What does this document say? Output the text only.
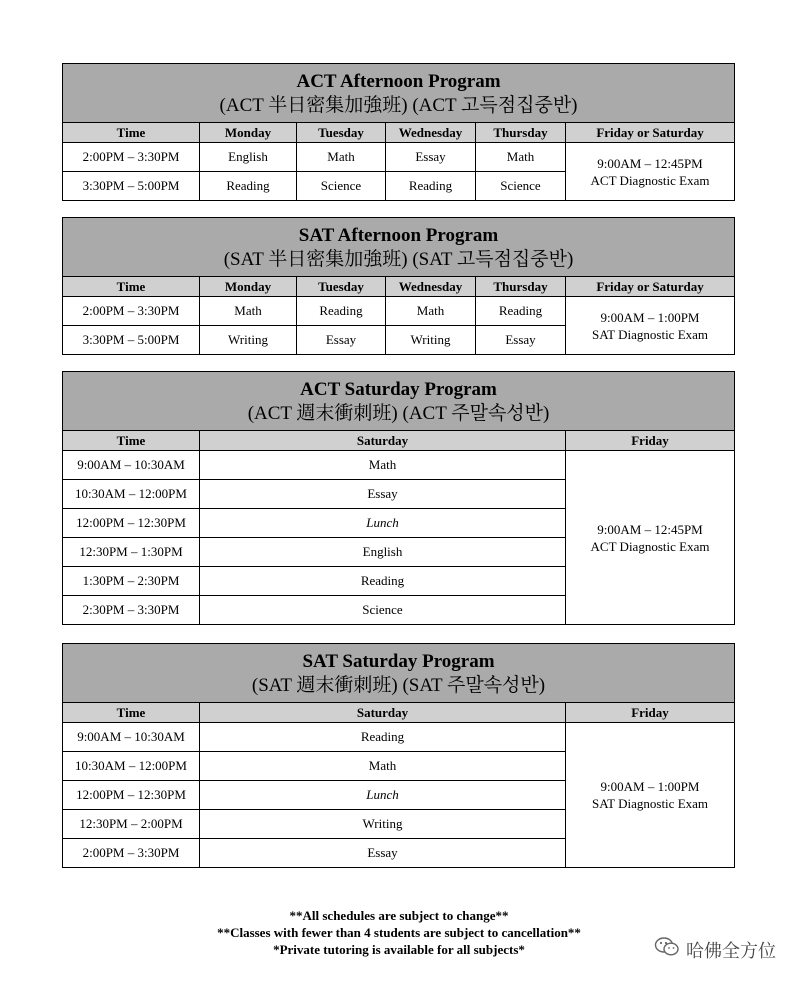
ACT Afternoon Program
(ACT 半日密集加強班) (ACT 고득점집중반)					

Time	Monday	Tuesday	Wednesday	Thursday	Friday or Saturday
2:00PM – 3:30PM	English	Math	Essay	Math	9:00AM – 12:45PM
ACT Diagnostic Exam
3:30PM – 5:00PM	Reading	Science	Reading	Science	
SAT Afternoon Program
(SAT 半日密集加強班) (SAT 고득점집중반)					

Time	Monday	Tuesday	Wednesday	Thursday	Friday or Saturday
2:00PM – 3:30PM	Math	Reading	Math	Reading	9:00AM – 1:00PM
SAT Diagnostic Exam
3:30PM – 5:00PM	Writing	Essay	Writing	Essay	
ACT Saturday Program
(ACT 週末衝刺班) (ACT 주말속성반)		

Time	Saturday	Friday
9:00AM – 10:30AM	Math	9:00AM – 12:45PM
ACT Diagnostic Exam
10:30AM – 12:00PM	Essay	
12:00PM – 12:30PM	Lunch	
12:30PM – 1:30PM	English	
1:30PM – 2:30PM	Reading	
2:30PM – 3:30PM	Science	
SAT Saturday Program
(SAT 週末衝刺班) (SAT 주말속성반)		

Time	Saturday	Friday
9:00AM – 10:30AM	Reading	9:00AM – 1:00PM
SAT Diagnostic Exam
10:30AM – 12:00PM	Math	
12:00PM – 12:30PM	Lunch	
12:30PM – 2:00PM	Writing	
2:00PM – 3:30PM	Essay	
**All schedules are subject to change**
**Classes with fewer than 4 students are subject to cancellation**
*Private tutoring is available for all subjects*	哈佛全方位
